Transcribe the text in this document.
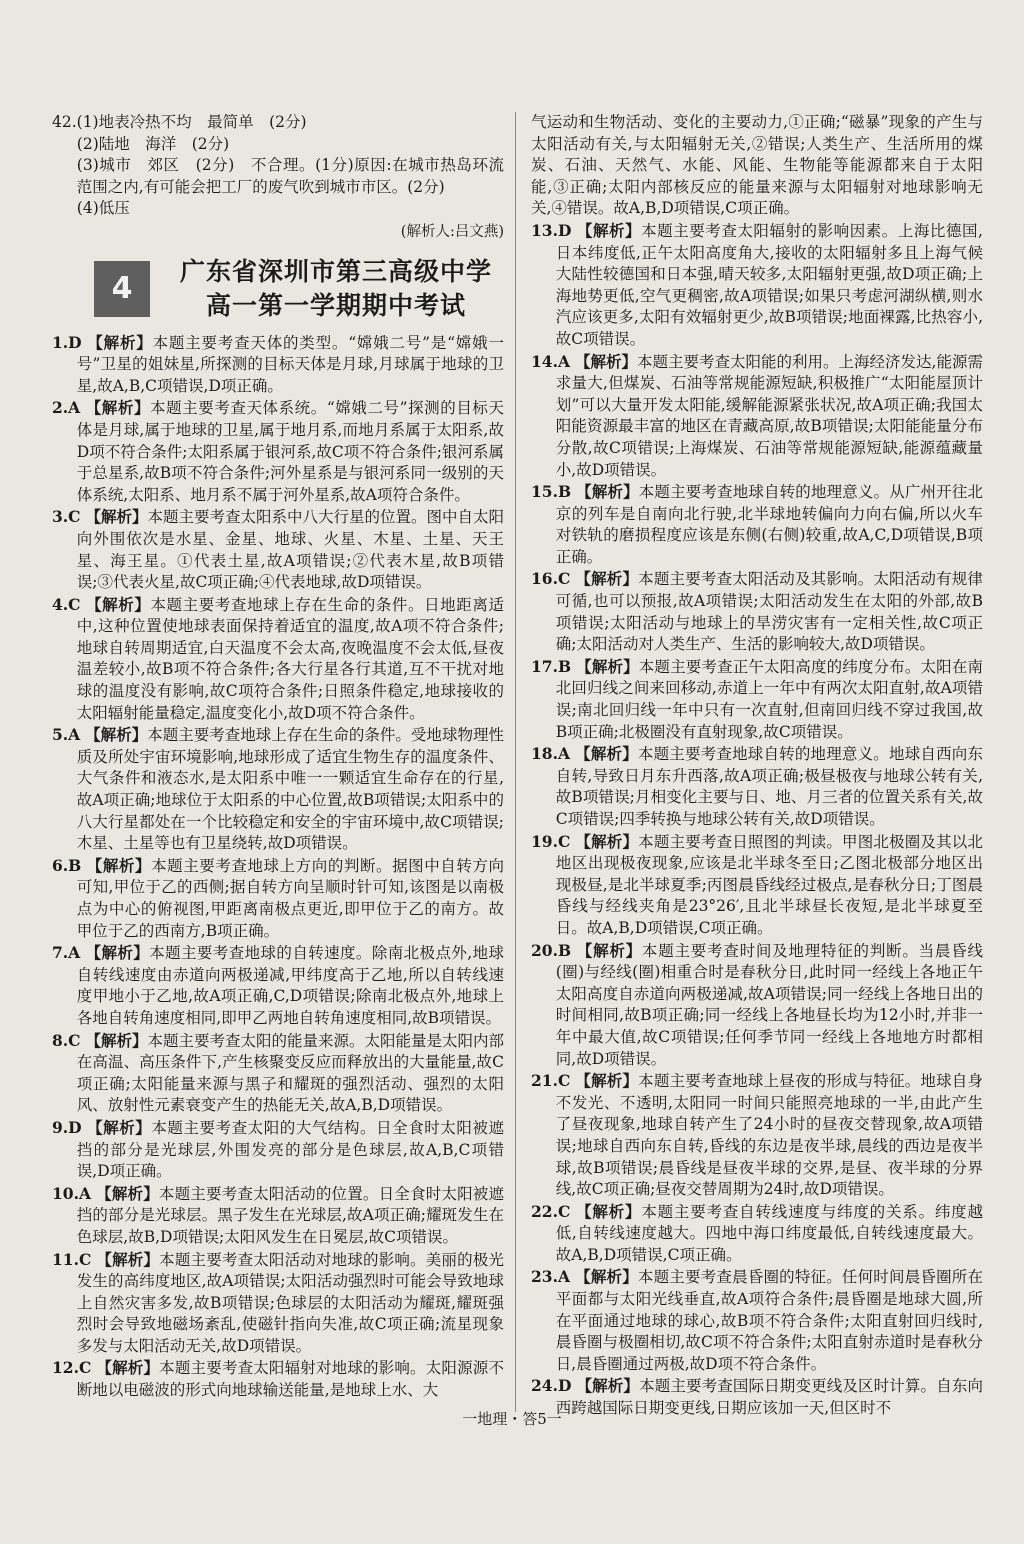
42.(1)地表冷热不均　最简单　(2分)

(2)陆地　海洋　(2分)

(3)城市　郊区　(2分)　不合理。(1分)原因:在城市热岛环流范围之内,有可能会把工厂的废气吹到城市市区。(2分)

(4)低压

(解析人:吕文燕)

4	广东省深圳市第三高级中学
高一第一学期期中考试

1.D 【解析】本题主要考查天体的类型。“嫦娥二号”是“嫦娥一号”卫星的姐妹星,所探测的目标天体是月球,月球属于地球的卫星,故A,B,C项错误,D项正确。

2.A 【解析】本题主要考查天体系统。“嫦娥二号”探测的目标天体是月球,属于地球的卫星,属于地月系,而地月系属于太阳系,故D项不符合条件;太阳系属于银河系,故C项不符合条件;银河系属于总星系,故B项不符合条件;河外星系是与银河系同一级别的天体系统,太阳系、地月系不属于河外星系,故A项符合条件。

3.C 【解析】本题主要考查太阳系中八大行星的位置。图中自太阳向外围依次是水星、金星、地球、火星、木星、土星、天王星、海王星。①代表土星,故A项错误;②代表木星,故B项错误;③代表火星,故C项正确;④代表地球,故D项错误。

4.C 【解析】本题主要考查地球上存在生命的条件。日地距离适中,这种位置使地球表面保持着适宜的温度,故A项不符合条件;地球自转周期适宜,白天温度不会太高,夜晚温度不会太低,昼夜温差较小,故B项不符合条件;各大行星各行其道,互不干扰对地球的温度没有影响,故C项符合条件;日照条件稳定,地球接收的太阳辐射能量稳定,温度变化小,故D项不符合条件。

5.A 【解析】本题主要考查地球上存在生命的条件。受地球物理性质及所处宇宙环境影响,地球形成了适宜生物生存的温度条件、大气条件和液态水,是太阳系中唯一一颗适宜生命存在的行星,故A项正确;地球位于太阳系的中心位置,故B项错误;太阳系中的八大行星都处在一个比较稳定和安全的宇宙环境中,故C项错误;木星、土星等也有卫星绕转,故D项错误。

6.B 【解析】本题主要考查地球上方向的判断。据图中自转方向可知,甲位于乙的西侧;据自转方向呈顺时针可知,该图是以南极点为中心的俯视图,甲距离南极点更近,即甲位于乙的南方。故甲位于乙的西南方,B项正确。

7.A 【解析】本题主要考查地球的自转速度。除南北极点外,地球自转线速度由赤道向两极递减,甲纬度高于乙地,所以自转线速度甲地小于乙地,故A项正确,C,D项错误;除南北极点外,地球上各地自转角速度相同,即甲乙两地自转角速度相同,故B项错误。

8.C 【解析】本题主要考查太阳的能量来源。太阳能量是太阳内部在高温、高压条件下,产生核聚变反应而释放出的大量能量,故C项正确;太阳能量来源与黑子和耀斑的强烈活动、强烈的太阳风、放射性元素衰变产生的热能无关,故A,B,D项错误。

9.D 【解析】本题主要考查太阳的大气结构。日全食时太阳被遮挡的部分是光球层,外围发亮的部分是色球层,故A,B,C项错误,D项正确。

10.A 【解析】本题主要考查太阳活动的位置。日全食时太阳被遮挡的部分是光球层。黑子发生在光球层,故A项正确;耀斑发生在色球层,故B,D项错误;太阳风发生在日冕层,故C项错误。

11.C 【解析】本题主要考查太阳活动对地球的影响。美丽的极光发生的高纬度地区,故A项错误;太阳活动强烈时可能会导致地球上自然灾害多发,故B项错误;色球层的太阳活动为耀斑,耀斑强烈时会导致地磁场紊乱,使磁针指向失准,故C项正确;流星现象多发与太阳活动无关,故D项错误。

12.C 【解析】本题主要考查太阳辐射对地球的影响。太阳源源不断地以电磁波的形式向地球输送能量,是地球上水、大

气运动和生物活动、变化的主要动力,①正确;“磁暴”现象的产生与太阳活动有关,与太阳辐射无关,②错误;人类生产、生活所用的煤炭、石油、天然气、水能、风能、生物能等能源都来自于太阳能,③正确;太阳内部核反应的能量来源与太阳辐射对地球影响无关,④错误。故A,B,D项错误,C项正确。

13.D 【解析】本题主要考查太阳辐射的影响因素。上海比德国,日本纬度低,正午太阳高度角大,接收的太阳辐射多且上海气候大陆性较德国和日本强,晴天较多,太阳辐射更强,故D项正确;上海地势更低,空气更稠密,故A项错误;如果只考虑河湖纵横,则水汽应该更多,太阳有效辐射更少,故B项错误;地面裸露,比热容小,故C项错误。

14.A 【解析】本题主要考查太阳能的利用。上海经济发达,能源需求量大,但煤炭、石油等常规能源短缺,积极推广“太阳能屋顶计划”可以大量开发太阳能,缓解能源紧张状况,故A项正确;我国太阳能资源最丰富的地区在青藏高原,故B项错误;太阳能能量分布分散,故C项错误;上海煤炭、石油等常规能源短缺,能源蕴藏量小,故D项错误。

15.B 【解析】本题主要考查地球自转的地理意义。从广州开往北京的列车是自南向北行驶,北半球地转偏向力向右偏,所以火车对铁轨的磨损程度应该是东侧(右侧)较重,故A,C,D项错误,B项正确。

16.C 【解析】本题主要考查太阳活动及其影响。太阳活动有规律可循,也可以预报,故A项错误;太阳活动发生在太阳的外部,故B项错误;太阳活动与地球上的旱涝灾害有一定相关性,故C项正确;太阳活动对人类生产、生活的影响较大,故D项错误。

17.B 【解析】本题主要考查正午太阳高度的纬度分布。太阳在南北回归线之间来回移动,赤道上一年中有两次太阳直射,故A项错误;南北回归线一年中只有一次直射,但南回归线不穿过我国,故B项正确;北极圈没有直射现象,故C项错误。

18.A 【解析】本题主要考查地球自转的地理意义。地球自西向东自转,导致日月东升西落,故A项正确;极昼极夜与地球公转有关,故B项错误;月相变化主要与日、地、月三者的位置关系有关,故C项错误;四季转换与地球公转有关,故D项错误。

19.C 【解析】本题主要考查日照图的判读。甲图北极圈及其以北地区出现极夜现象,应该是北半球冬至日;乙图北极部分地区出现极昼,是北半球夏季;丙图晨昏线经过极点,是春秋分日;丁图晨昏线与经线夹角是23°26′,且北半球昼长夜短,是北半球夏至日。故A,B,D项错误,C项正确。

20.B 【解析】本题主要考查时间及地理特征的判断。当晨昏线(圈)与经线(圈)相重合时是春秋分日,此时同一经线上各地正午太阳高度自赤道向两极递减,故A项错误;同一经线上各地日出的时间相同,故B项正确;同一经线上各地昼长均为12小时,并非一年中最大值,故C项错误;任何季节同一经线上各地地方时都相同,故D项错误。

21.C 【解析】本题主要考查地球上昼夜的形成与特征。地球自身不发光、不透明,太阳同一时间只能照亮地球的一半,由此产生了昼夜现象,地球自转产生了24小时的昼夜交替现象,故A项错误;地球自西向东自转,昏线的东边是夜半球,晨线的西边是夜半球,故B项错误;晨昏线是昼夜半球的交界,是昼、夜半球的分界线,故C项正确;昼夜交替周期为24时,故D项错误。

22.C 【解析】本题主要考查自转线速度与纬度的关系。纬度越低,自转线速度越大。四地中海口纬度最低,自转线速度最大。故A,B,D项错误,C项正确。

23.A 【解析】本题主要考查晨昏圈的特征。任何时间晨昏圈所在平面都与太阳光线垂直,故A项符合条件;晨昏圈是地球大圆,所在平面通过地球的球心,故B项不符合条件;太阳直射回归线时,晨昏圈与极圈相切,故C项不符合条件;太阳直射赤道时是春秋分日,晨昏圈通过两极,故D项不符合条件。

24.D 【解析】本题主要考查国际日期变更线及区时计算。自东向西跨越国际日期变更线,日期应该加一天,但区时不

一地理・答5一
